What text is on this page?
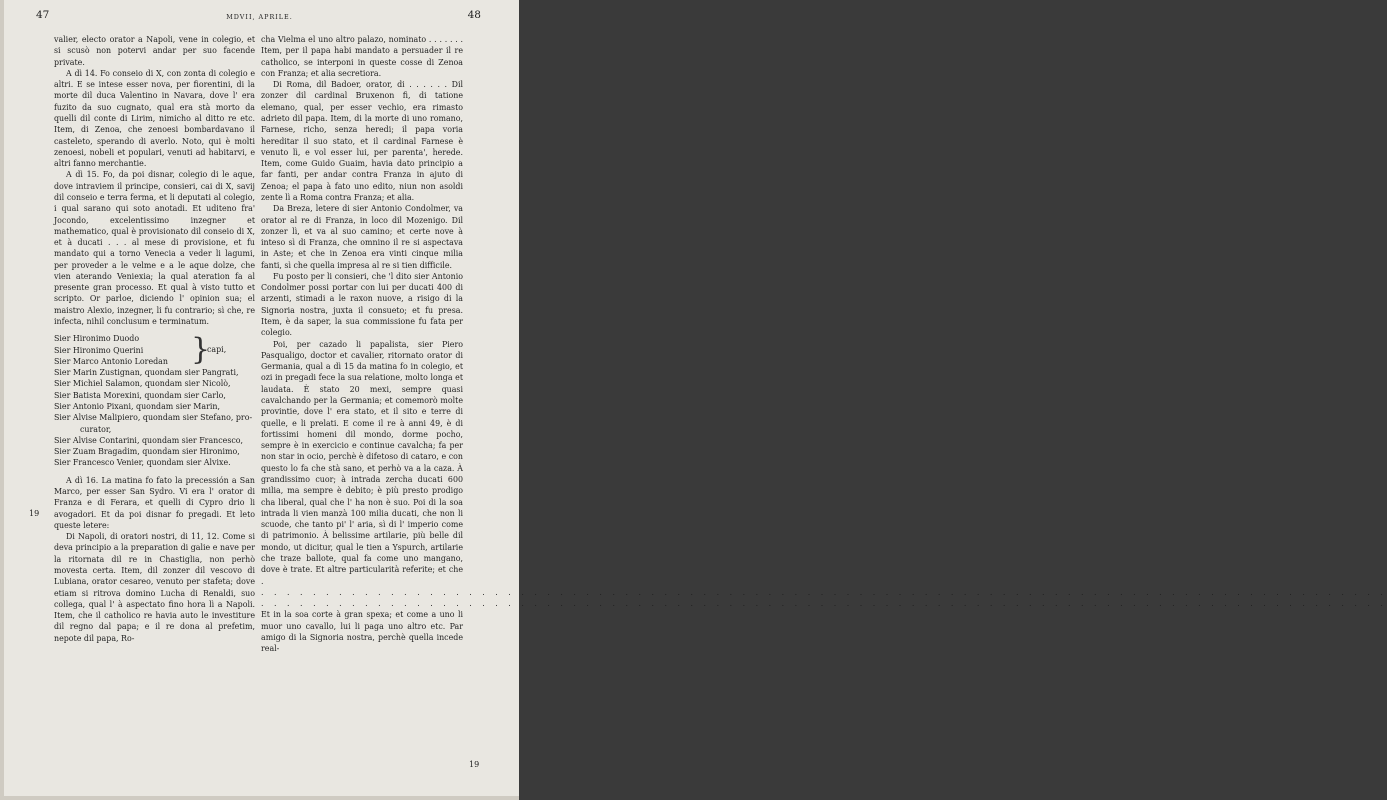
47	MDVII, APRILE.	48
19
19

valier, electo orator a Napoli, vene in colegio, et si scusò non potervi andar per suo facende private.

A dì 14. Fo conseio di X, con zonta di colegio e altri. E se intese esser nova, per fiorentini, di la morte dil duca Valentino in Navara, dove l' era fuzito da suo cugnato, qual era stà morto da quelli dil conte di Lirim, nimicho al ditto re etc. Item, di Zenoa, che zenoesi bombardavano il casteleto, sperando di averlo. Noto, qui è molti zenoesi, nobeli et populari, venuti ad habitarvi, e altri fanno merchantie.

A dì 15. Fo, da poi disnar, colegio di le aque, dove intraviem il principe, consieri, cai di X, savij dil conseio e terra ferma, et li deputati al colegio, i qual sarano qui soto anotadi. Et uditeno fra' Jocondo, excelentissimo inzegner et mathematico, qual è provisionato dil conseio di X, et à ducati . . . al mese di provisione, et fu mandato qui a torno Venecia a veder li lagumi, per proveder a le velme e a le aque dolze, che vien aterando Veniexia; la qual ateration fa al presente gran processo. Et qual à visto tutto et scripto. Or parloe, diciendo l' opinion sua; el maistro Alexio, inzegner, li fu contrario; sì che, re infecta, nihil conclusum e terminatum.

Sier Hironimo Duodo
Sier Hironimo Querini
Sier Marco Antonio Loredan }
capi,
Sier Marin Zustignan, quondam sier Pangrati,
Sier Michiel Salamon, quondam sier Nicolò,
Sier Batista Morexini, quondam sier Carlo,
Sier Antonio Pixani, quondam sier Marin,
Sier Alvise Malipiero, quondam sier Stefano, pro-
curator,
Sier Alvise Contarini, quondam sier Francesco,
Sier Zuam Bragadim, quondam sier Hironimo,
Sier Francesco Venier, quondam sier Alvixe.

A dì 16. La matina fo fato la precessión a San Marco, per esser San Sydro. Vi era l' orator di Franza e di Ferara, et quelli di Cypro drio li avogadori. Et da poi disnar fo pregadi. Et leto queste letere:

Di Napoli, di oratori nostri, di 11, 12. Come si deva principio a la preparation di galie e nave per la ritornata dil re in Chastiglia, non perhò movesta certa. Item, dil zonzer dil vescovo di Lubiana, orator cesareo, venuto per stafeta; dove etiam si ritrova domino Lucha di Renaldi, suo collega, qual l' à aspectato fino hora lì a Napoli. Item, che il catholico re havia auto le investiture dil regno dal papa; e il re dona al prefetim, nepote dil papa, Ro-

cha Vielma el uno altro palazo, nominato . . . . . . . Item, per il papa habi mandato a persuader il re catholico, se interponi in queste cosse di Zenoa con Franza; et alia secretiora.

Di Roma, dil Badoer, orator, di . . . . . . Dil zonzer dil cardinal Bruxenon fi, di tatione elemano, qual, per esser vechio, era rimasto adrieto dil papa. Item, di la morte di uno romano, Farnese, richo, senza heredi; il papa voria hereditar il suo stato, et il cardinal Farnese è venuto lì, e vol esser lui, per parenta', herede. Item, come Guido Guaim, havia dato principio a far fanti, per andar contra Franza in ajuto di Zenoa; el papa à fato uno edito, niun non asoldi zente lì a Roma contra Franza; et alia.

Da Breza, letere di sier Antonio Condolmer, va orator al re di Franza, in loco dil Mozenigo. Dil zonzer lì, et va al suo camino; et certe nove à inteso sì di Franza, che omnino il re si aspectava in Aste; et che in Zenoa era vinti cinque milia fanti, sì che quella impresa al re si tien difficile.

Fu posto per li consieri, che 'l dito sier Antonio Condolmer possi portar con lui per ducati 400 di arzenti, stimadi a le raxon nuove, a risigo di la Signoria nostra, juxta il consueto; et fu presa. Item, è da saper, la sua commissione fu fata per colegio.

Poi, per cazado li papalista, sier Piero Pasqualigo, doctor et cavalier, ritornato orator di Germania, qual a dì 15 da matina fo in colegio, et ozi in pregadi fece la sua relatione, molto longa et laudata. È stato 20 mexi, sempre quasi cavalchando per la Germania; et comemorò molte provintie, dove l' era stato, et il sito e terre di quelle, e li prelati. E come il re à anni 49, è di fortissimi homeni dil mondo, dorme pocho, sempre è in exercicio e continue cavalcha; fa per non star in ocio, perchè è difetoso di cataro, e con questo lo fa che stà sano, et perhò va a la caza. À grandissimo cuor; à intrada zercha ducati 600 milia, ma sempre è debito; è più presto prodigo cha liberal, qual che l' ha non è suo. Poi di la soa intrada li vien manzà 100 milia ducati, che non li scuode, che tanto pi' l' aria, sì di l' imperio come di patrimonio. À belissime artilarie, più belle dil mondo, ut dicitur, qual le tien a Yspurch, artilarie che traze ballote, qual fa come uno mangano, dove è trate. Et altre particularità referite; et che .

. . . . . . . . . . . . . . . . . . . . . . . . . . . . . . . . . . . . . . . . . . . . . . . . . . . . . . . . . . . . . . . . . . . . . . . . . . . . . . . . . . . . . . .

. . . . . . . . . . . . . . . . . . . . . . . . . . . . . . . . . . . . . . . . . . . . . . . . . . . . . . . . . . . . . . . . . . . . . . . . . . . . . . . . . . . . . . .

Et in la soa corte à gran spexa; et come a uno li muor uno cavallo, lui li paga uno altro etc. Par amigo di la Signoria nostra, perchè quella incede real-
